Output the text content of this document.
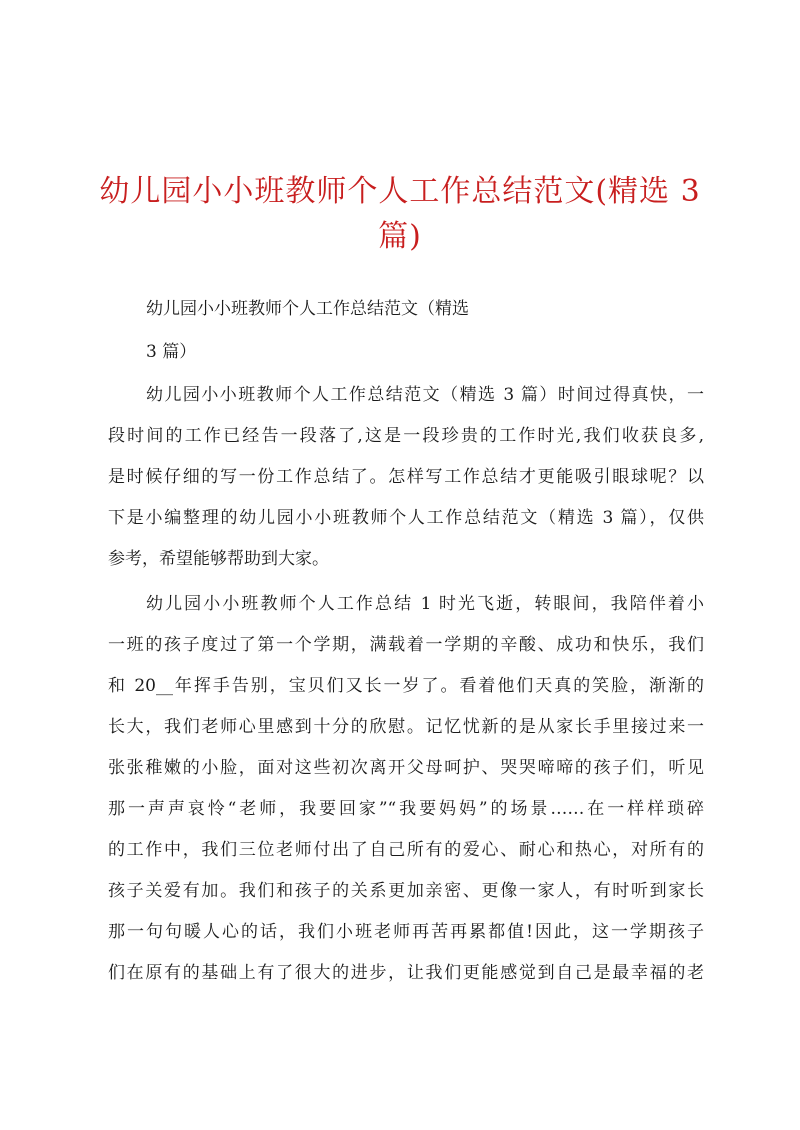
幼儿园小小班教师个人工作总结范文(精选 3
篇)

幼儿园小小班教师个人工作总结范文（精选

3 篇）

幼儿园小小班教师个人工作总结范文（精选 3 篇）时间过得真快，一

段时间的工作已经告一段落了,这是一段珍贵的工作时光,我们收获良多,

是时候仔细的写一份工作总结了。怎样写工作总结才更能吸引眼球呢？以

下是小编整理的幼儿园小小班教师个人工作总结范文（精选 3 篇），仅供

参考，希望能够帮助到大家。

幼儿园小小班教师个人工作总结 1 时光飞逝，转眼间，我陪伴着小

一班的孩子度过了第一个学期，满载着一学期的辛酸、成功和快乐，我们

和 20__年挥手告别，宝贝们又长一岁了。看着他们天真的笑脸，渐渐的

长大，我们老师心里感到十分的欣慰。记忆忧新的是从家长手里接过来一

张张稚嫩的小脸，面对这些初次离开父母呵护、哭哭啼啼的孩子们，听见

那一声声哀怜“老师，我要回家”“我要妈妈”的场景……在一样样琐碎

的工作中，我们三位老师付出了自己所有的爱心、耐心和热心，对所有的

孩子关爱有加。我们和孩子的关系更加亲密、更像一家人，有时听到家长

那一句句暖人心的话，我们小班老师再苦再累都值!因此，这一学期孩子

们在原有的基础上有了很大的进步，让我们更能感觉到自己是最幸福的老
